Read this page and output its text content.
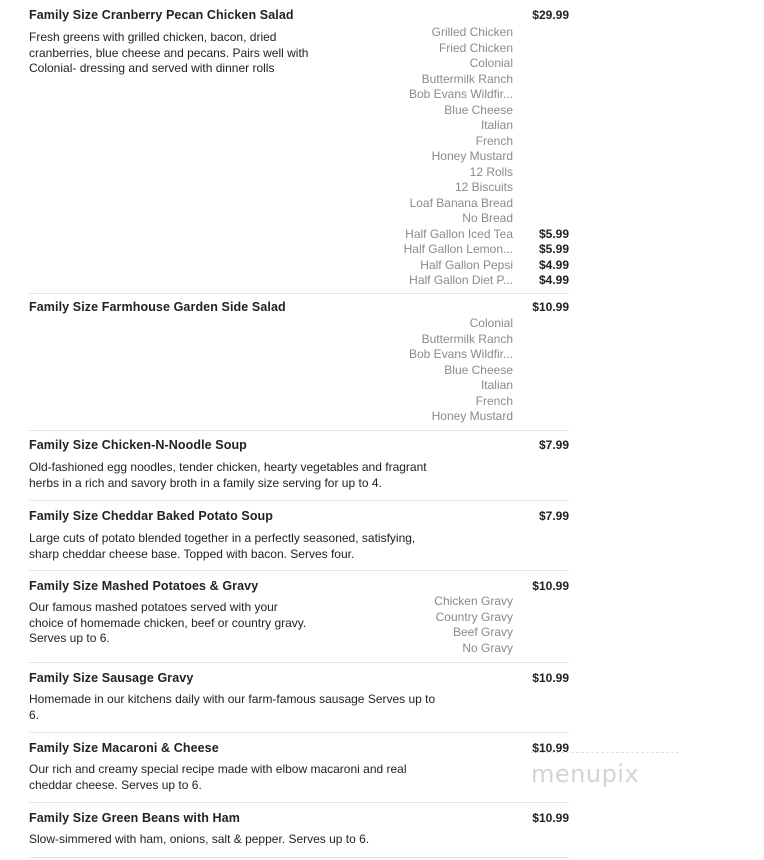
Family Size Cranberry Pecan Chicken Salad	$29.99
Fresh greens with grilled chicken, bacon, dried
cranberries, blue cheese and pecans. Pairs well with
Colonial- dressing and served with dinner rolls
Grilled Chicken
Fried Chicken
Colonial
Buttermilk Ranch
Bob Evans Wildfir...
Blue Cheese
Italian
French
Honey Mustard
12 Rolls
12 Biscuits
Loaf Banana Bread
No Bread
Half Gallon Iced Tea $5.99
Half Gallon Lemon... $5.99
Half Gallon Pepsi $4.99
Half Gallon Diet P... $4.99
Family Size Farmhouse Garden Side Salad	$10.99
Colonial
Buttermilk Ranch
Bob Evans Wildfir...
Blue Cheese
Italian
French
Honey Mustard
Family Size Chicken-N-Noodle Soup	$7.99
Old-fashioned egg noodles, tender chicken, hearty vegetables and fragrant
herbs in a rich and savory broth in a family size serving for up to 4.
Family Size Cheddar Baked Potato Soup	$7.99
Large cuts of potato blended together in a perfectly seasoned, satisfying,
sharp cheddar cheese base. Topped with bacon. Serves four.
Family Size Mashed Potatoes & Gravy	$10.99
Our famous mashed potatoes served with your
choice of homemade chicken, beef or country gravy.
Serves up to 6.
Chicken Gravy
Country Gravy
Beef Gravy
No Gravy
Family Size Sausage Gravy	$10.99
Homemade in our kitchens daily with our farm-famous sausage Serves up to
6.
Family Size Macaroni & Cheese	$10.99
Our rich and creamy special recipe made with elbow macaroni and real
cheddar cheese. Serves up to 6.
Family Size Green Beans with Ham	$10.99
Slow-simmered with ham, onions, salt & pepper. Serves up to 6.
menupix
